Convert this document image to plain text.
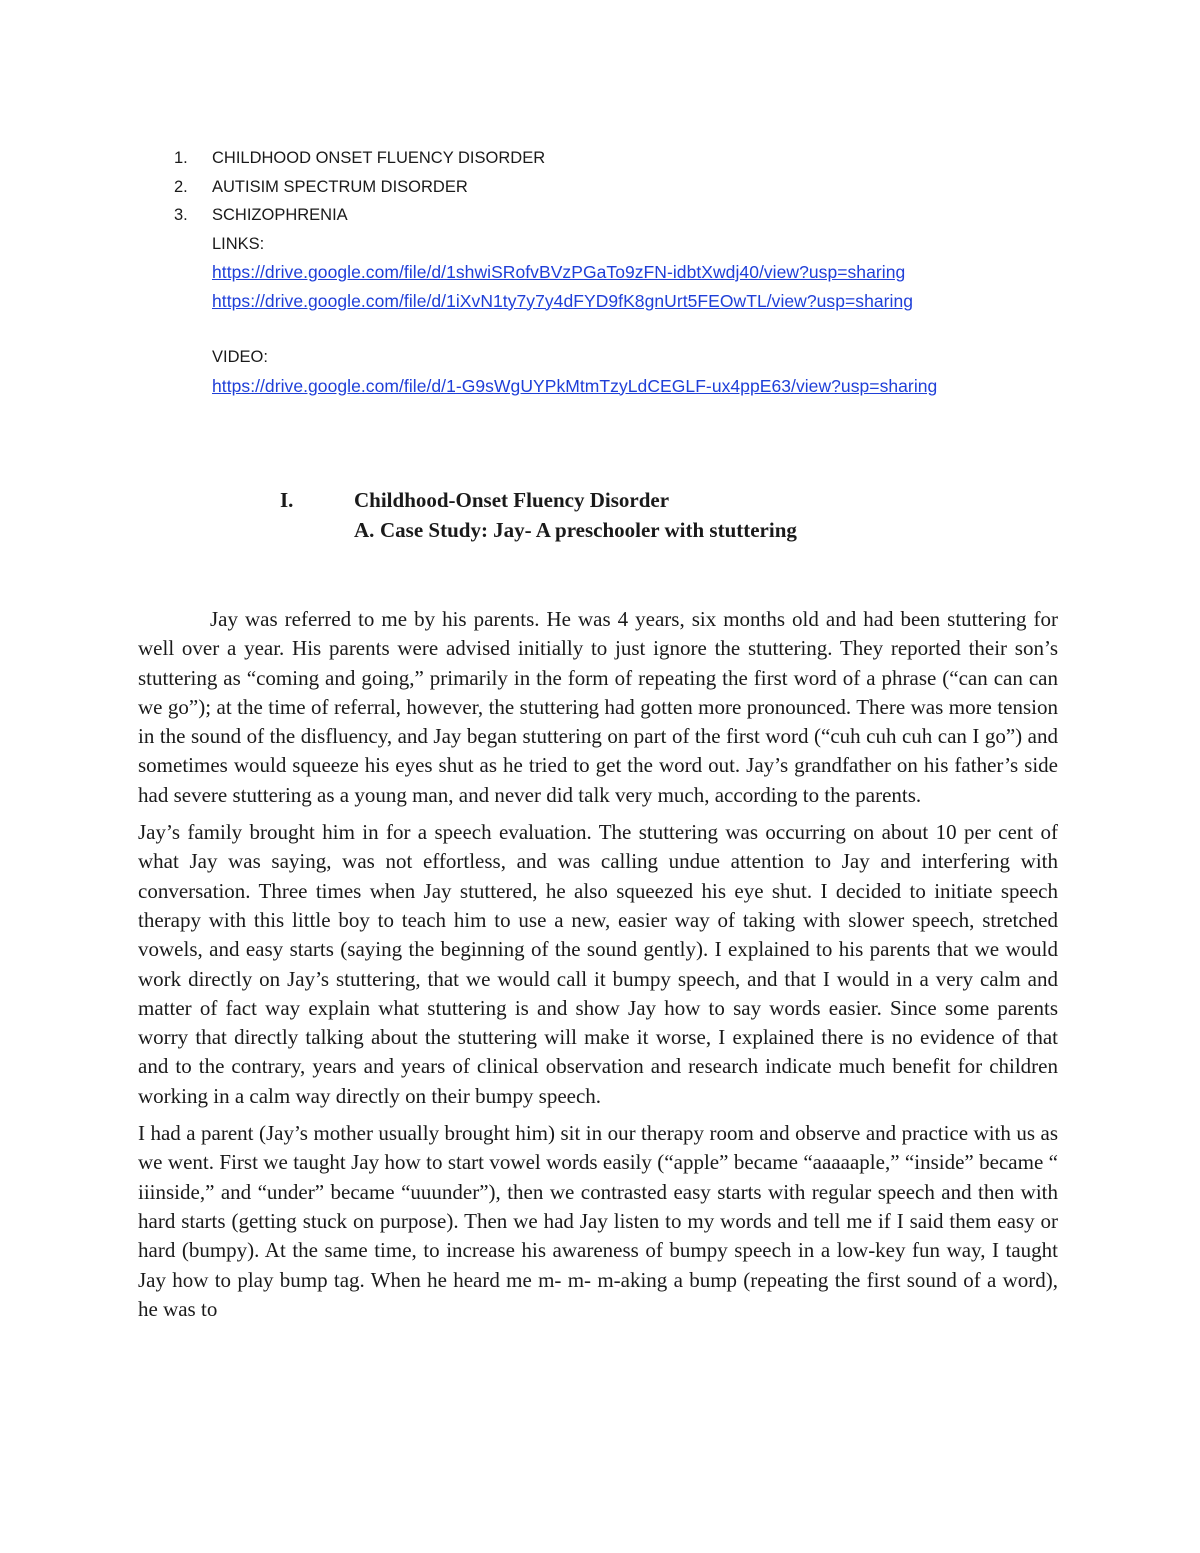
1. CHILDHOOD ONSET FLUENCY DISORDER
2. AUTISIM SPECTRUM DISORDER
3. SCHIZOPHRENIA
LINKS:
https://drive.google.com/file/d/1shwiSRofvBVzPGaTo9zFN-idbtXwdj40/view?usp=sharing
https://drive.google.com/file/d/1iXvN1ty7y7y4dFYD9fK8gnUrt5FEOwTL/view?usp=sharing
VIDEO:
https://drive.google.com/file/d/1-G9sWgUYPkMtmTzyLdCEGLF-ux4ppE63/view?usp=sharing
I.	Childhood-Onset Fluency Disorder
A. Case Study: Jay- A preschooler with stuttering

Jay was referred to me by his parents. He was 4 years, six months old and had been stuttering for well over a year. His parents were advised initially to just ignore the stuttering. They reported their son’s stuttering as “coming and going,” primarily in the form of repeating the first word of a phrase (“can can can we go”); at the time of referral, however, the stuttering had gotten more pronounced. There was more tension in the sound of the disfluency, and Jay began stuttering on part of the first word (“cuh cuh cuh can I go”) and sometimes would squeeze his eyes shut as he tried to get the word out. Jay’s grandfather on his father’s side had severe stuttering as a young man, and never did talk very much, according to the parents.

Jay’s family brought him in for a speech evaluation. The stuttering was occurring on about 10 per cent of what Jay was saying, was not effortless, and was calling undue attention to Jay and interfering with conversation. Three times when Jay stuttered, he also squeezed his eye shut. I decided to initiate speech therapy with this little boy to teach him to use a new, easier way of taking with slower speech, stretched vowels, and easy starts (saying the beginning of the sound gently). I explained to his parents that we would work directly on Jay’s stuttering, that we would call it bumpy speech, and that I would in a very calm and matter of fact way explain what stuttering is and show Jay how to say words easier. Since some parents worry that directly talking about the stuttering will make it worse, I explained there is no evidence of that and to the contrary, years and years of clinical observation and research indicate much benefit for children working in a calm way directly on their bumpy speech.

I had a parent (Jay’s mother usually brought him) sit in our therapy room and observe and practice with us as we went. First we taught Jay how to start vowel words easily (“apple” became “aaaaaple,” “inside” became “ iiinside,” and “under” became “uuunder”), then we contrasted easy starts with regular speech and then with hard starts (getting stuck on purpose). Then we had Jay listen to my words and tell me if I said them easy or hard (bumpy). At the same time, to increase his awareness of bumpy speech in a low-key fun way, I taught Jay how to play bump tag. When he heard me m- m- m-aking a bump (repeating the first sound of a word), he was to
